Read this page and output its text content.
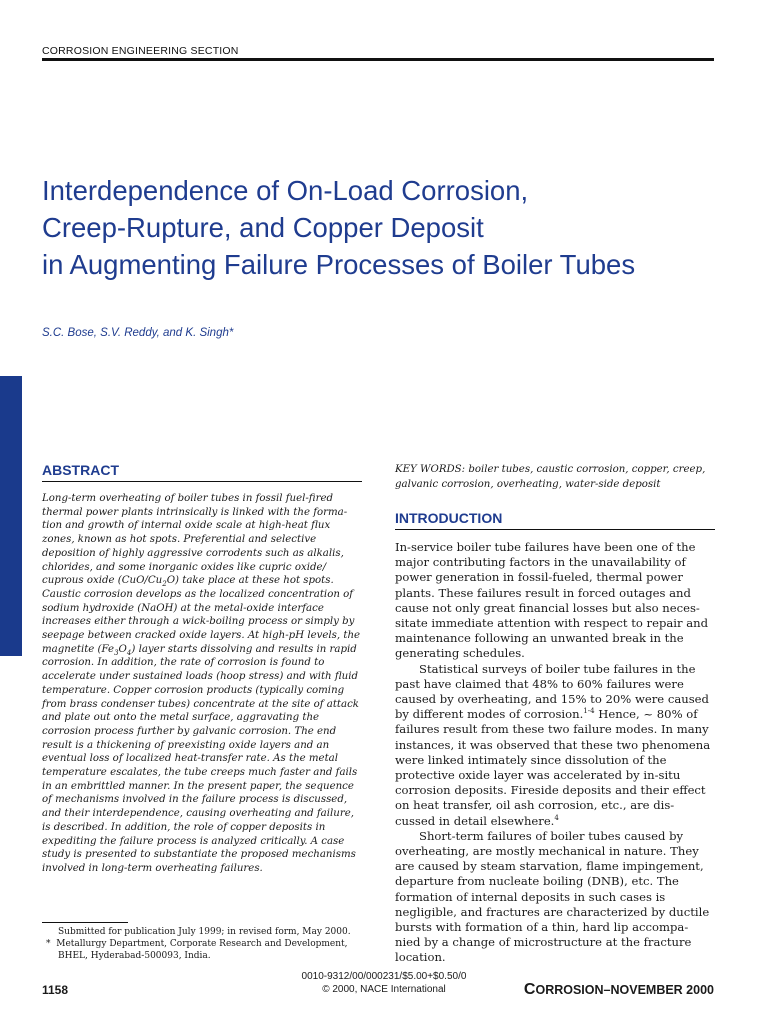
CORROSION ENGINEERING SECTION
Interdependence of On-Load Corrosion,
Creep-Rupture, and Copper Deposit
in Augmenting Failure Processes of Boiler Tubes
S.C. Bose, S.V. Reddy, and K. Singh*
ABSTRACT
Long-term overheating of boiler tubes in fossil fuel-fired
thermal power plants intrinsically is linked with the forma-
tion and growth of internal oxide scale at high-heat flux
zones, known as hot spots. Preferential and selective
deposition of highly aggressive corrodents such as alkalis,
chlorides, and some inorganic oxides like cupric oxide/
cuprous oxide $(CuO/Cu_2O)$ take place at these hot spots.
Caustic corrosion develops as the localized concentration of
sodium hydroxide (NaOH) at the metal-oxide interface
increases either through a wick-boiling process or simply by
seepage between cracked oxide layers. At high-pH levels, the
magnetite $(Fe_3O_4)$ layer starts dissolving and results in rapid
corrosion. In addition, the rate of corrosion is found to
accelerate under sustained loads (hoop stress) and with fluid
temperature. Copper corrosion products (typically coming
from brass condenser tubes) concentrate at the site of attack
and plate out onto the metal surface, aggravating the
corrosion process further by galvanic corrosion. The end
result is a thickening of preexisting oxide layers and an
eventual loss of localized heat-transfer rate. As the metal
temperature escalates, the tube creeps much faster and fails
in an embrittled manner. In the present paper, the sequence
of mechanisms involved in the failure process is discussed,
and their interdependence, causing overheating and failure,
is described. In addition, the role of copper deposits in
expediting the failure process is analyzed critically. A case
study is presented to substantiate the proposed mechanisms
involved in long-term overheating failures.
KEY WORDS: boiler tubes, caustic corrosion, copper, creep,
galvanic corrosion, overheating, water-side deposit
INTRODUCTION
In-service boiler tube failures have been one of the
major contributing factors in the unavailability of
power generation in fossil-fueled, thermal power
plants. These failures result in forced outages and
cause not only great financial losses but also neces-
sitate immediate attention with respect to repair and
maintenance following an unwanted break in the
generating schedules.
Statistical surveys of boiler tube failures in the
past have claimed that 48% to 60% failures were
caused by overheating, and 15% to 20% were caused
by different modes of corrosion.$^{1-4}$ Hence, ~ 80% of
failures result from these two failure modes. In many
instances, it was observed that these two phenomena
were linked intimately since dissolution of the
protective oxide layer was accelerated by in-situ
corrosion deposits. Fireside deposits and their effect
on heat transfer, oil ash corrosion, etc., are dis-
cussed in detail elsewhere.$^4$
Short-term failures of boiler tubes caused by
overheating, are mostly mechanical in nature. They
are caused by steam starvation, flame impingement,
departure from nucleate boiling (DNB), etc. The
formation of internal deposits in such cases is
negligible, and fractures are characterized by ductile
bursts with formation of a thin, hard lip accompa-
nied by a change of microstructure at the fracture
location.
Submitted for publication July 1999; in revised form, May 2000.
* Metallurgy Department, Corporate Research and Development,
BHEL, Hyderabad-500093, India.
1158
0010-9312/00/000231/$5.00+$0.50/0
© 2000, NACE International	CORROSION–NOVEMBER 2000
